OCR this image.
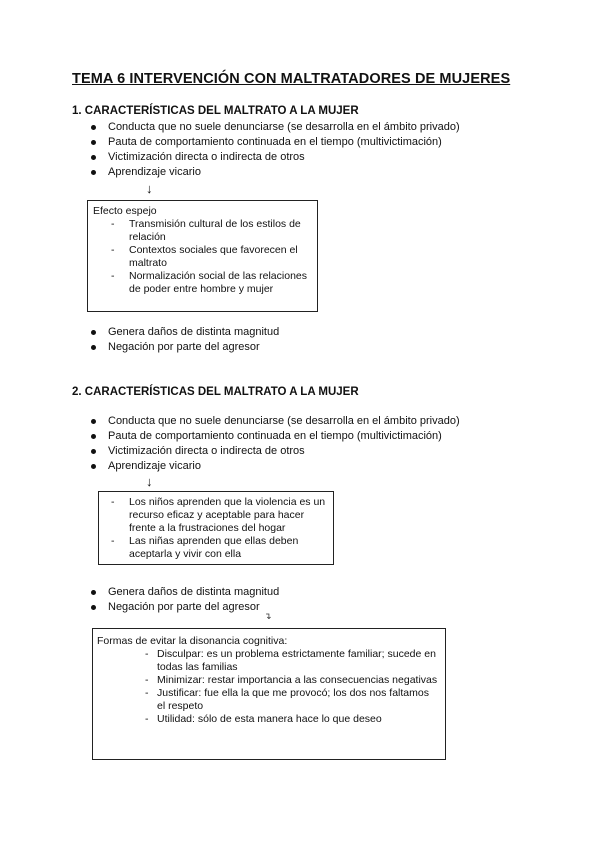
TEMA 6 INTERVENCIÓN CON MALTRATADORES DE MUJERES
1. CARACTERÍSTICAS DEL MALTRATO A LA MUJER
Conducta que no suele denunciarse (se desarrolla en el ámbito privado)
Pauta de comportamiento continuada en el tiempo (multivictimación)
Victimización directa o indirecta de otros
Aprendizaje vicario
↓
Efecto espejo
- Transmisión cultural de los estilos de relación
- Contextos sociales que favorecen el maltrato
- Normalización social de las relaciones de poder entre hombre y mujer
Genera daños de distinta magnitud
Negación por parte del agresor
2. CARACTERÍSTICAS DEL MALTRATO A LA MUJER
Conducta que no suele denunciarse (se desarrolla en el ámbito privado)
Pauta de comportamiento continuada en el tiempo (multivictimación)
Victimización directa o indirecta de otros
Aprendizaje vicario
↓
- Los niños aprenden que la violencia es un recurso eficaz y aceptable para hacer frente a la frustraciones del hogar
- Las niñas aprenden que ellas deben aceptarla y vivir con ella
Genera daños de distinta magnitud
Negación por parte del agresor
↴
Formas de evitar la disonancia cognitiva:
- Disculpar: es un problema estrictamente familiar; sucede en todas las familias
- Minimizar: restar importancia a las consecuencias negativas
- Justificar: fue ella la que me provocó; los dos nos faltamos el respeto
- Utilidad: sólo de esta manera hace lo que deseo
